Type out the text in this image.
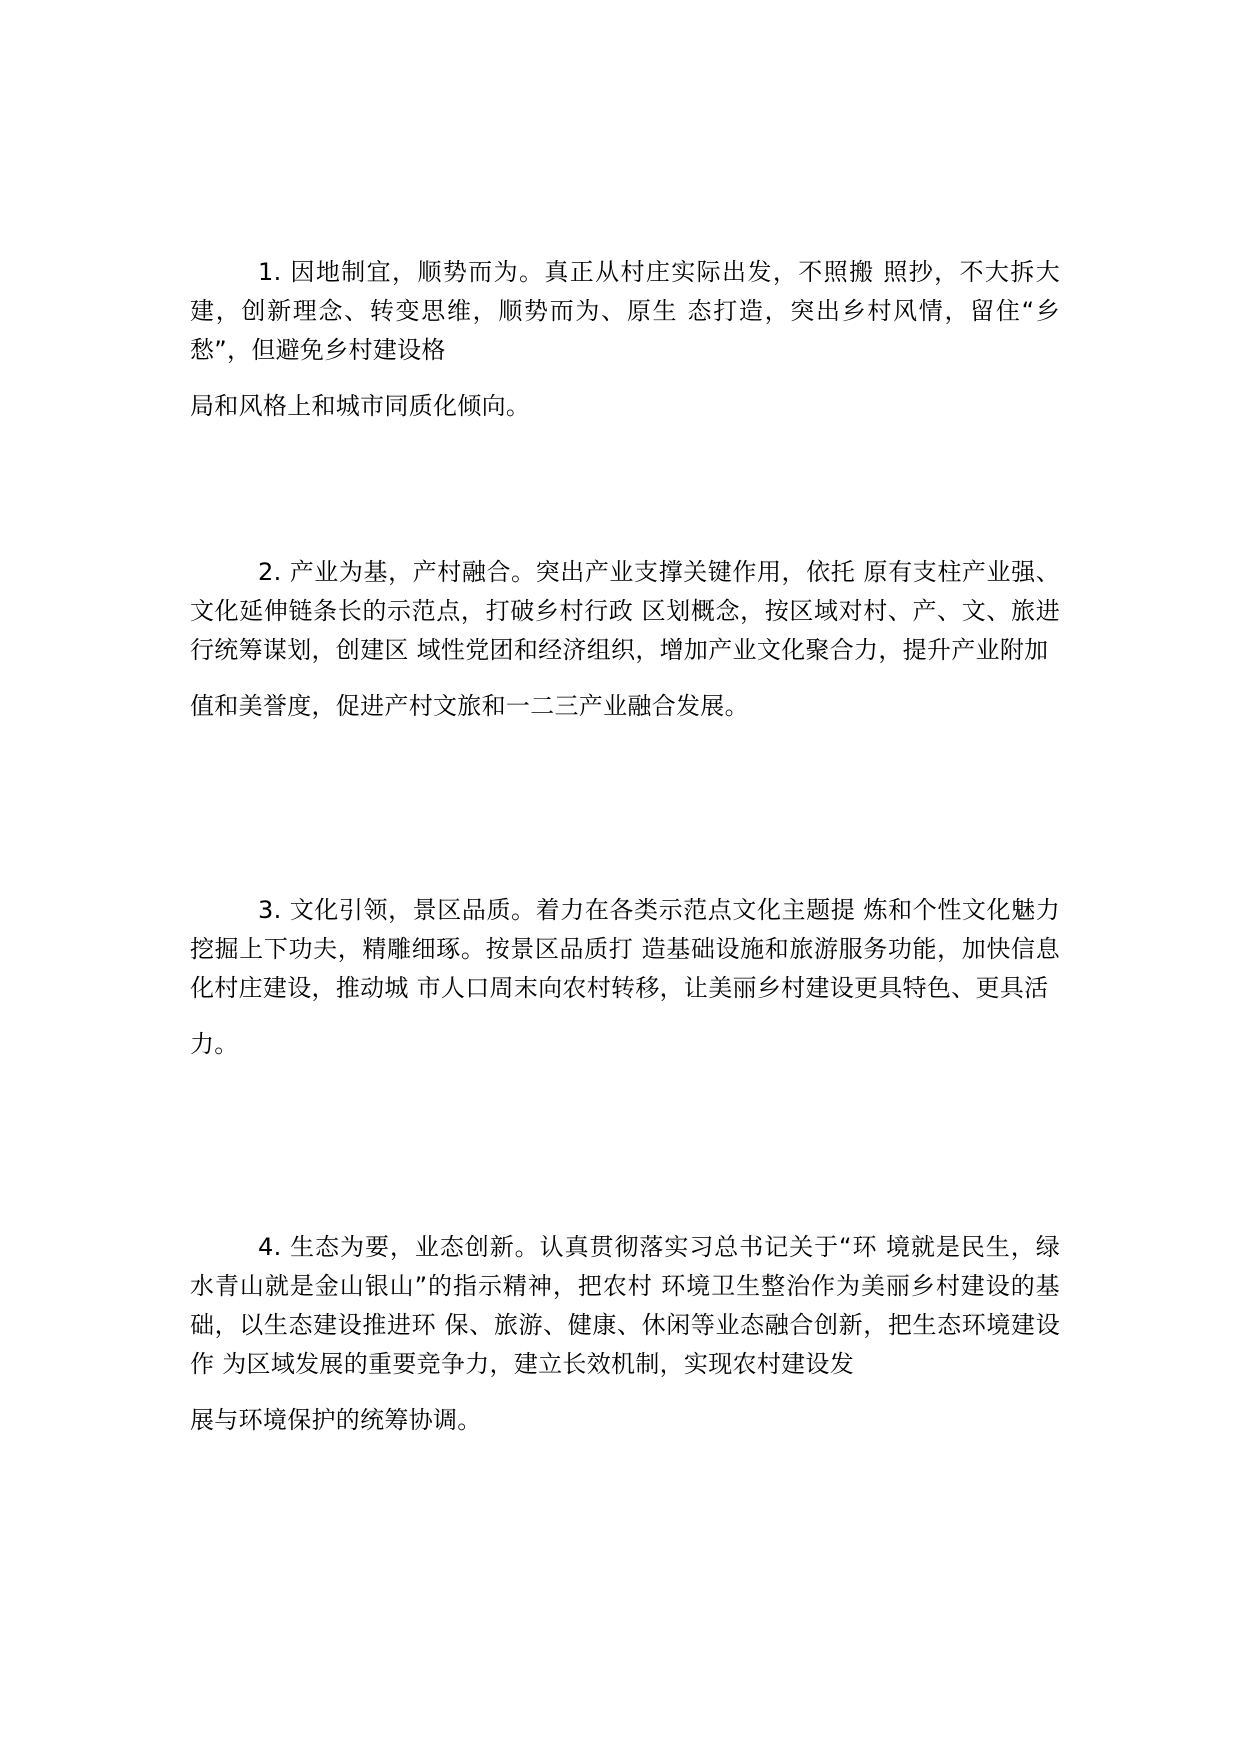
1. 因地制宜，顺势而为。真正从村庄实际出发，不照搬 照抄，不大拆大建，创新理念、转变思维，顺势而为、原生 态打造，突出乡村风情，留住“乡愁”，但避免乡村建设格

局和风格上和城市同质化倾向。

2. 产业为基，产村融合。突出产业支撑关键作用，依托 原有支柱产业强、文化延伸链条长的示范点，打破乡村行政 区划概念，按区域对村、产、文、旅进行统筹谋划，创建区 域性党团和经济组织，增加产业文化聚合力，提升产业附加

值和美誉度，促进产村文旅和一二三产业融合发展。

3. 文化引领，景区品质。着力在各类示范点文化主题提 炼和个性文化魅力挖掘上下功夫，精雕细琢。按景区品质打 造基础设施和旅游服务功能，加快信息化村庄建设，推动城 市人口周末向农村转移，让美丽乡村建设更具特色、更具活

力。

4. 生态为要，业态创新。认真贯彻落实习总书记关于“环 境就是民生，绿水青山就是金山银山”的指示精神，把农村 环境卫生整治作为美丽乡村建设的基础，以生态建设推进环 保、旅游、健康、休闲等业态融合创新，把生态环境建设作 为区域发展的重要竞争力，建立长效机制，实现农村建设发

展与环境保护的统筹协调。
